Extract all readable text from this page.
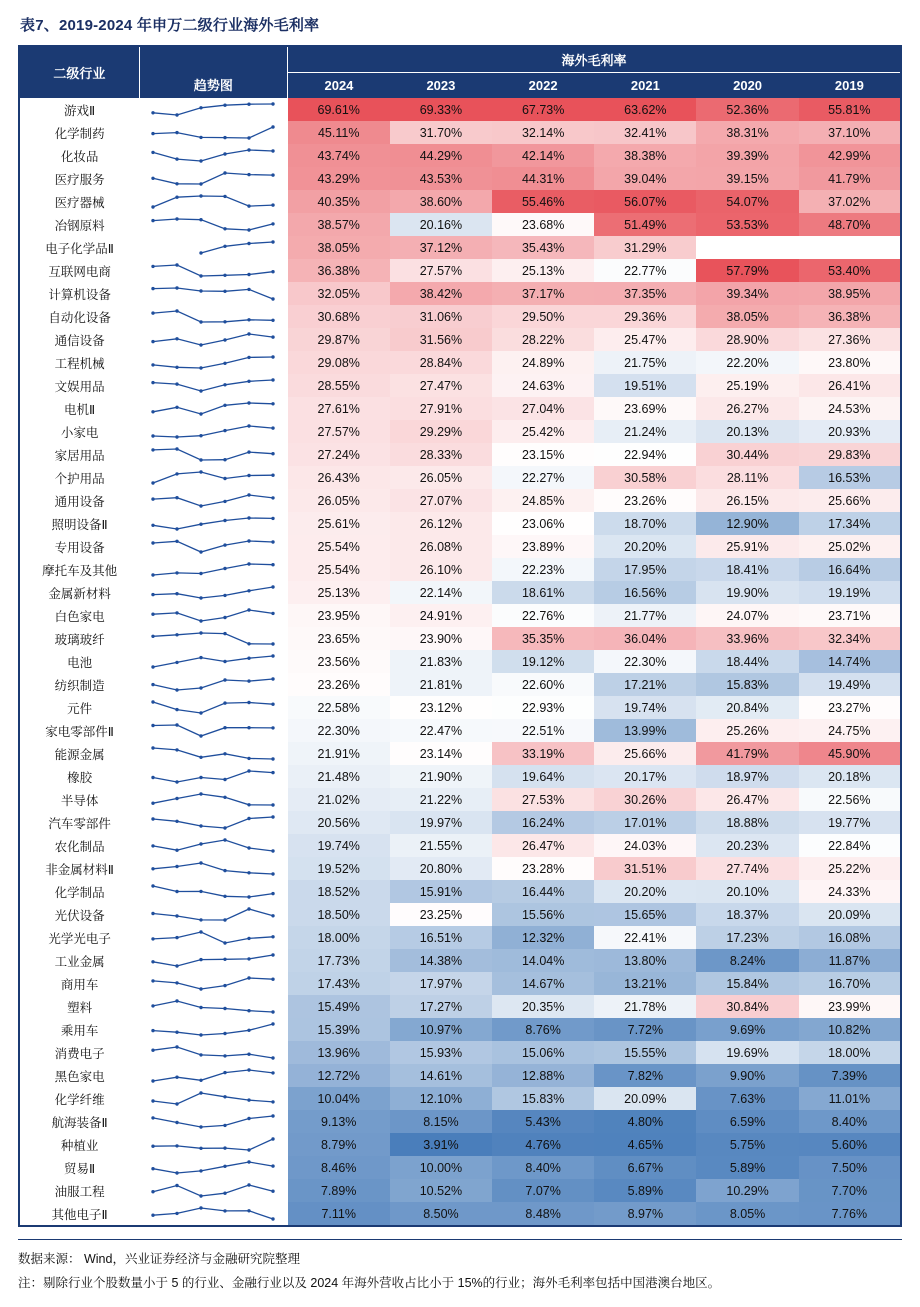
表7、2019-2024 年申万二级行业海外毛利率
二级行业	趋势图	海外毛利率					
		2024	2023	2022	2021	2020	2019
游戏Ⅱ		69.61%	69.33%	67.73%	63.62%	52.36%	55.81%
化学制药		45.11%	31.70%	32.14%	32.41%	38.31%	37.10%
化妆品		43.74%	44.29%	42.14%	38.38%	39.39%	42.99%
医疗服务		43.29%	43.53%	44.31%	39.04%	39.15%	41.79%
医疗器械		40.35%	38.60%	55.46%	56.07%	54.07%	37.02%
冶钢原料		38.57%	20.16%	23.68%	51.49%	53.53%	48.70%
电子化学品Ⅱ		38.05%	37.12%	35.43%	31.29%		
互联网电商		36.38%	27.57%	25.13%	22.77%	57.79%	53.40%
计算机设备		32.05%	38.42%	37.17%	37.35%	39.34%	38.95%
自动化设备		30.68%	31.06%	29.50%	29.36%	38.05%	36.38%
通信设备		29.87%	31.56%	28.22%	25.47%	28.90%	27.36%
工程机械		29.08%	28.84%	24.89%	21.75%	22.20%	23.80%
文娱用品		28.55%	27.47%	24.63%	19.51%	25.19%	26.41%
电机Ⅱ		27.61%	27.91%	27.04%	23.69%	26.27%	24.53%
小家电		27.57%	29.29%	25.42%	21.24%	20.13%	20.93%
家居用品		27.24%	28.33%	23.15%	22.94%	30.44%	29.83%
个护用品		26.43%	26.05%	22.27%	30.58%	28.11%	16.53%
通用设备		26.05%	27.07%	24.85%	23.26%	26.15%	25.66%
照明设备Ⅱ		25.61%	26.12%	23.06%	18.70%	12.90%	17.34%
专用设备		25.54%	26.08%	23.89%	20.20%	25.91%	25.02%
摩托车及其他		25.54%	26.10%	22.23%	17.95%	18.41%	16.64%
金属新材料		25.13%	22.14%	18.61%	16.56%	19.90%	19.19%
白色家电		23.95%	24.91%	22.76%	21.77%	24.07%	23.71%
玻璃玻纤		23.65%	23.90%	35.35%	36.04%	33.96%	32.34%
电池		23.56%	21.83%	19.12%	22.30%	18.44%	14.74%
纺织制造		23.26%	21.81%	22.60%	17.21%	15.83%	19.49%
元件		22.58%	23.12%	22.93%	19.74%	20.84%	23.27%
家电零部件Ⅱ		22.30%	22.47%	22.51%	13.99%	25.26%	24.75%
能源金属		21.91%	23.14%	33.19%	25.66%	41.79%	45.90%
橡胶		21.48%	21.90%	19.64%	20.17%	18.97%	20.18%
半导体		21.02%	21.22%	27.53%	30.26%	26.47%	22.56%
汽车零部件		20.56%	19.97%	16.24%	17.01%	18.88%	19.77%
农化制品		19.74%	21.55%	26.47%	24.03%	20.23%	22.84%
非金属材料Ⅱ		19.52%	20.80%	23.28%	31.51%	27.74%	25.22%
化学制品		18.52%	15.91%	16.44%	20.20%	20.10%	24.33%
光伏设备		18.50%	23.25%	15.56%	15.65%	18.37%	20.09%
光学光电子		18.00%	16.51%	12.32%	22.41%	17.23%	16.08%
工业金属		17.73%	14.38%	14.04%	13.80%	8.24%	11.87%
商用车		17.43%	17.97%	14.67%	13.21%	15.84%	16.70%
塑料		15.49%	17.27%	20.35%	21.78%	30.84%	23.99%
乘用车		15.39%	10.97%	8.76%	7.72%	9.69%	10.82%
消费电子		13.96%	15.93%	15.06%	15.55%	19.69%	18.00%
黑色家电		12.72%	14.61%	12.88%	7.82%	9.90%	7.39%
化学纤维		10.04%	12.10%	15.83%	20.09%	7.63%	11.01%
航海装备Ⅱ		9.13%	8.15%	5.43%	4.80%	6.59%	8.40%
种植业		8.79%	3.91%	4.76%	4.65%	5.75%	5.60%
贸易Ⅱ		8.46%	10.00%	8.40%	6.67%	5.89%	7.50%
油服工程		7.89%	10.52%	7.07%	5.89%	10.29%	7.70%
其他电子Ⅱ		7.11%	8.50%	8.48%	8.97%	8.05%	7.76%
数据来源： Wind，兴业证券经济与金融研究院整理
注：剔除行业个股数量小于 5 的行业、金融行业以及 2024 年海外营收占比小于 15%的行业；海外毛利率包括中国港澳台地区。
